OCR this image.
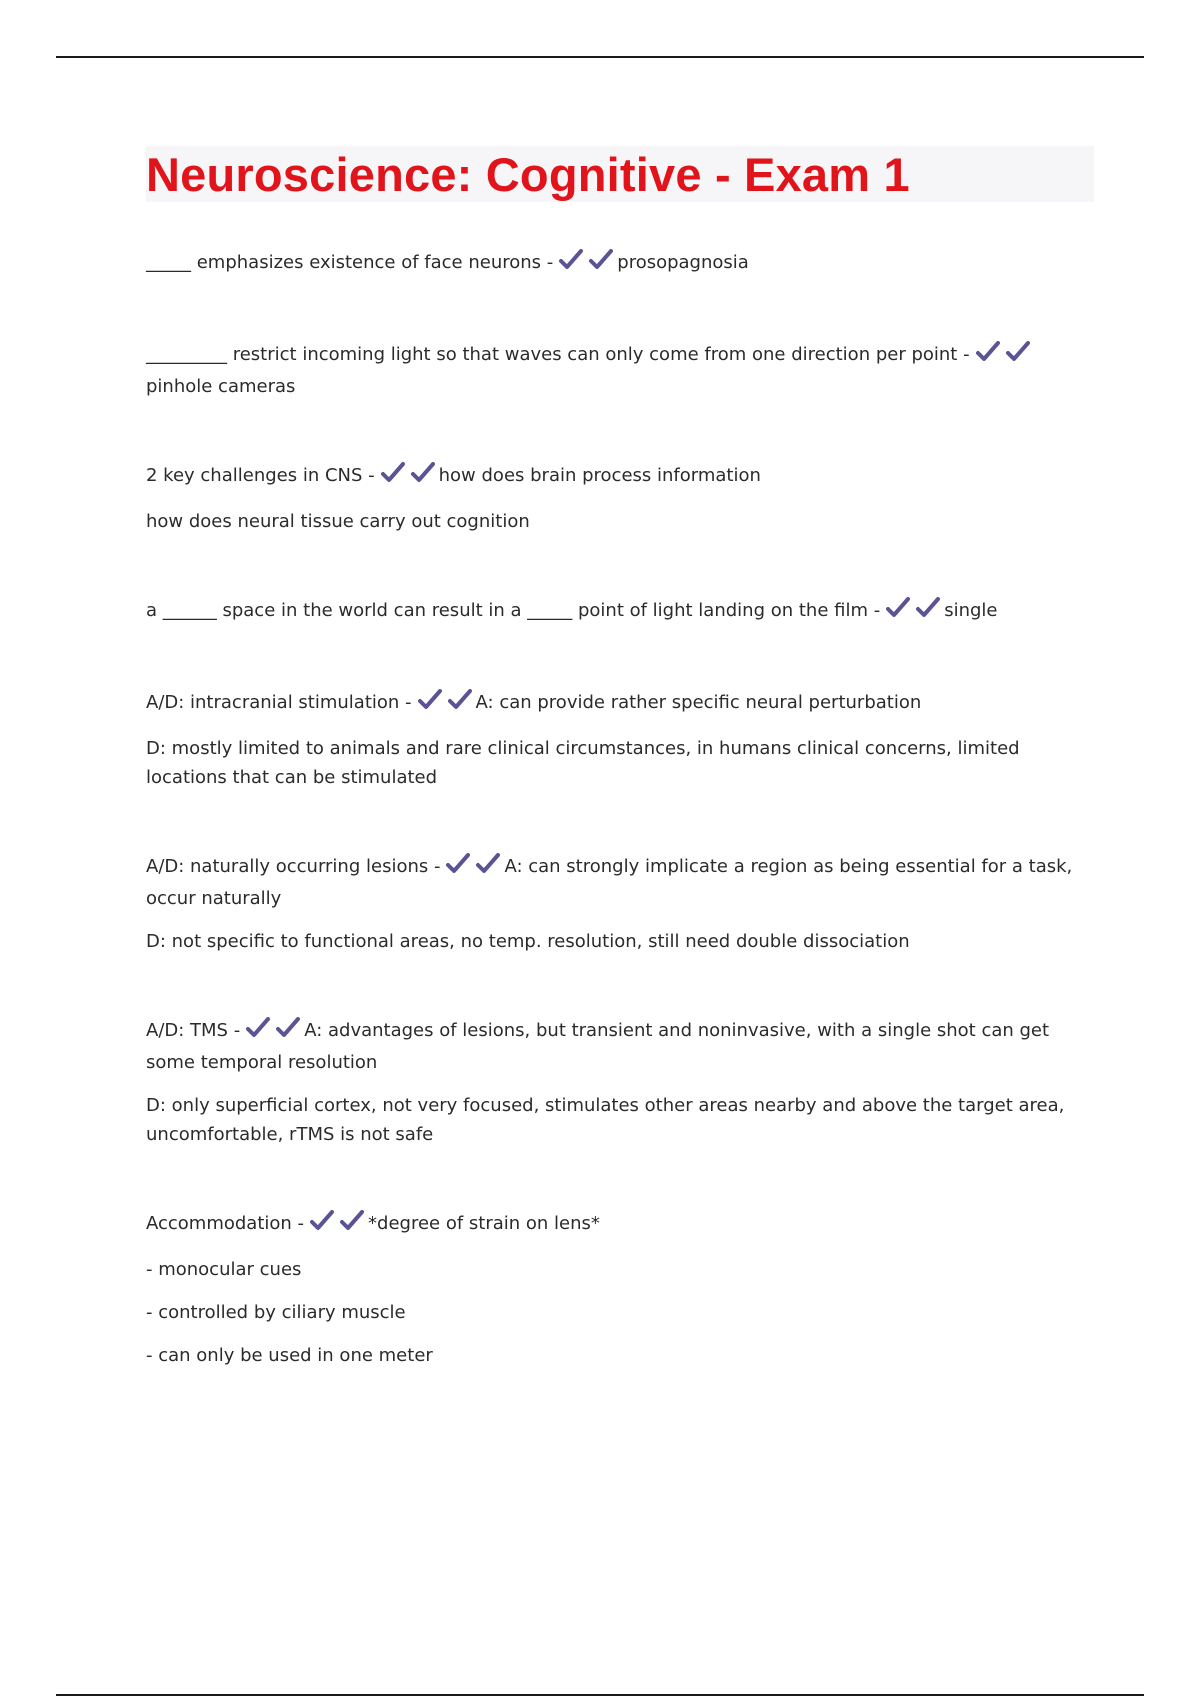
Neuroscience: Cognitive - Exam 1

_____ emphasizes existence of face neurons -	prosopagnosia

_________ restrict incoming light so that waves can only come from one direction per point -pinhole cameras

2 key challenges in CNS -	how does brain process information

how does neural tissue carry out cognition

a ______ space in the world can result in a _____ point of light landing on the film -	single

A/D: intracranial stimulation -	A: can provide rather specific neural perturbation

D: mostly limited to animals and rare clinical circumstances, in humans clinical concerns, limited locations that can be stimulated

A/D: naturally occurring lesions -	A: can strongly implicate a region as being essential for a task, occur naturally

D: not specific to functional areas, no temp. resolution, still need double dissociation

A/D: TMS -	A: advantages of lesions, but transient and noninvasive, with a single shot can get some temporal resolution

D: only superficial cortex, not very focused, stimulates other areas nearby and above the target area, uncomfortable, rTMS is not safe

Accommodation -	*degree of strain on lens*

- monocular cues

- controlled by ciliary muscle

- can only be used in one meter
